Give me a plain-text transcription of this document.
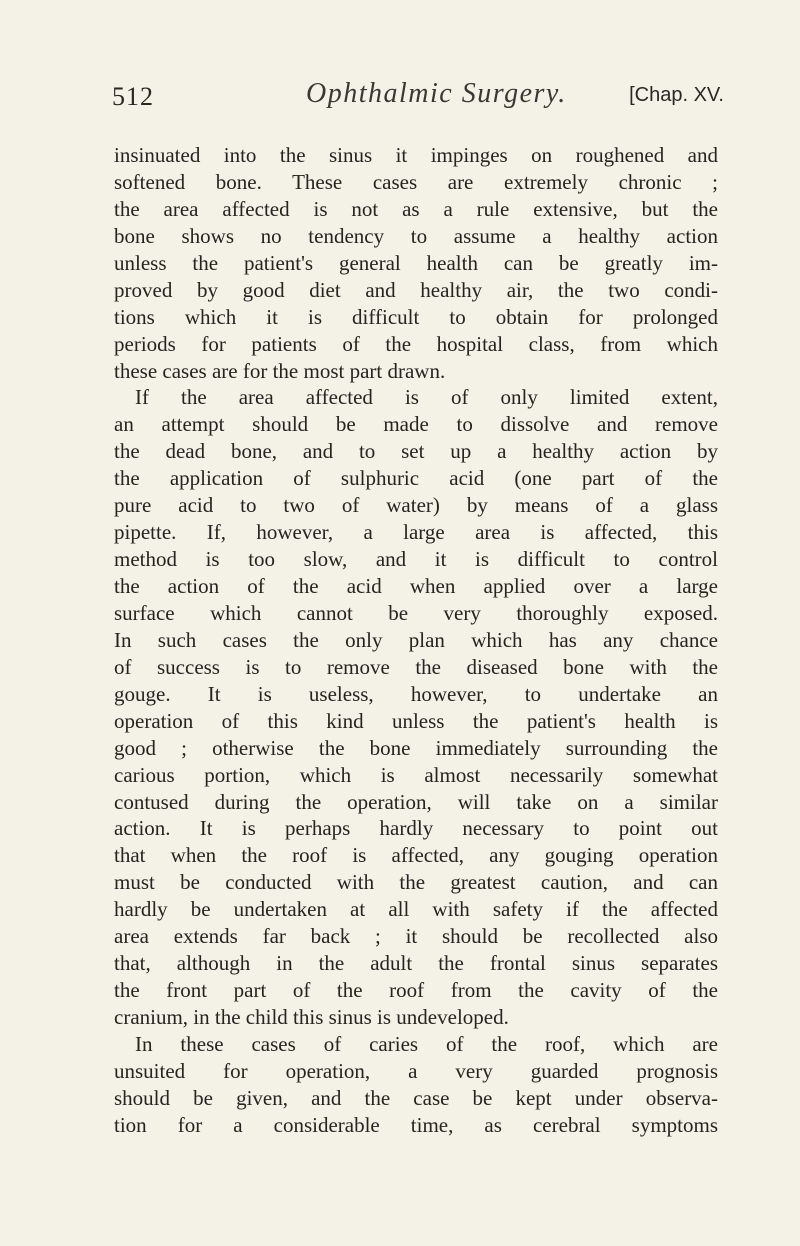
512	Ophthalmic Surgery.	[Chap. XV.
insinuated into the sinus it impinges on roughened and
softened bone. These cases are extremely chronic ;
the area affected is not as a rule extensive, but the
bone shows no tendency to assume a healthy action
unless the patient's general health can be greatly im-
proved by good diet and healthy air, the two condi-
tions which it is difficult to obtain for prolonged
periods for patients of the hospital class, from which
these cases are for the most part drawn.
If the area affected is of only limited extent,
an attempt should be made to dissolve and remove
the dead bone, and to set up a healthy action by
the application of sulphuric acid (one part of the
pure acid to two of water) by means of a glass
pipette. If, however, a large area is affected, this
method is too slow, and it is difficult to control
the action of the acid when applied over a large
surface which cannot be very thoroughly exposed.
In such cases the only plan which has any chance
of success is to remove the diseased bone with the
gouge. It is useless, however, to undertake an
operation of this kind unless the patient's health is
good ; otherwise the bone immediately surrounding the
carious portion, which is almost necessarily somewhat
contused during the operation, will take on a similar
action. It is perhaps hardly necessary to point out
that when the roof is affected, any gouging operation
must be conducted with the greatest caution, and can
hardly be undertaken at all with safety if the affected
area extends far back ; it should be recollected also
that, although in the adult the frontal sinus separates
the front part of the roof from the cavity of the
cranium, in the child this sinus is undeveloped.
In these cases of caries of the roof, which are
unsuited for operation, a very guarded prognosis
should be given, and the case be kept under observa-
tion for a considerable time, as cerebral symptoms
